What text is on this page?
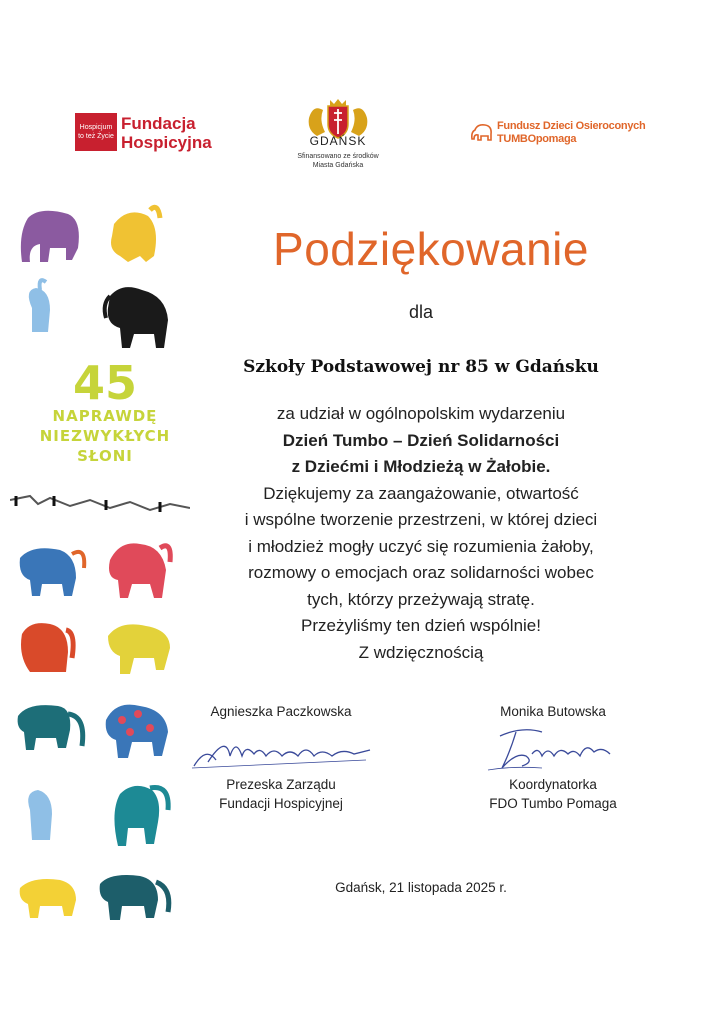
Hospicjum
to też Życie
Fundacja
Hospicyjna	GDAŃSK
Sfinansowano ze środków
Miasta Gdańska
Fundusz Dzieci Osieroconych
TUMBOpomaga
45
NAPRAWDĘ
NIEZWYKŁYCH
SŁONI
Podziękowanie
dla
Szkoły Podstawowej nr 85 w Gdańsku
za udział w ogólnopolskim wydarzeniu
Dzień Tumbo – Dzień Solidarności
z Dziećmi i Młodzieżą w Żałobie.
Dziękujemy za zaangażowanie, otwartość
i wspólne tworzenie przestrzeni, w której dzieci
i młodzież mogły uczyć się rozumienia żałoby,
rozmowy o emocjach oraz solidarności wobec
tych, którzy przeżywają stratę.
Przeżyliśmy ten dzień wspólnie!
Z wdzięcznością
Agnieszka Paczkowska
Prezeska Zarządu
Fundacji Hospicyjnej
Monika Butowska
Koordynatorka
FDO Tumbo Pomaga
Gdańsk, 21 listopada 2025 r.
